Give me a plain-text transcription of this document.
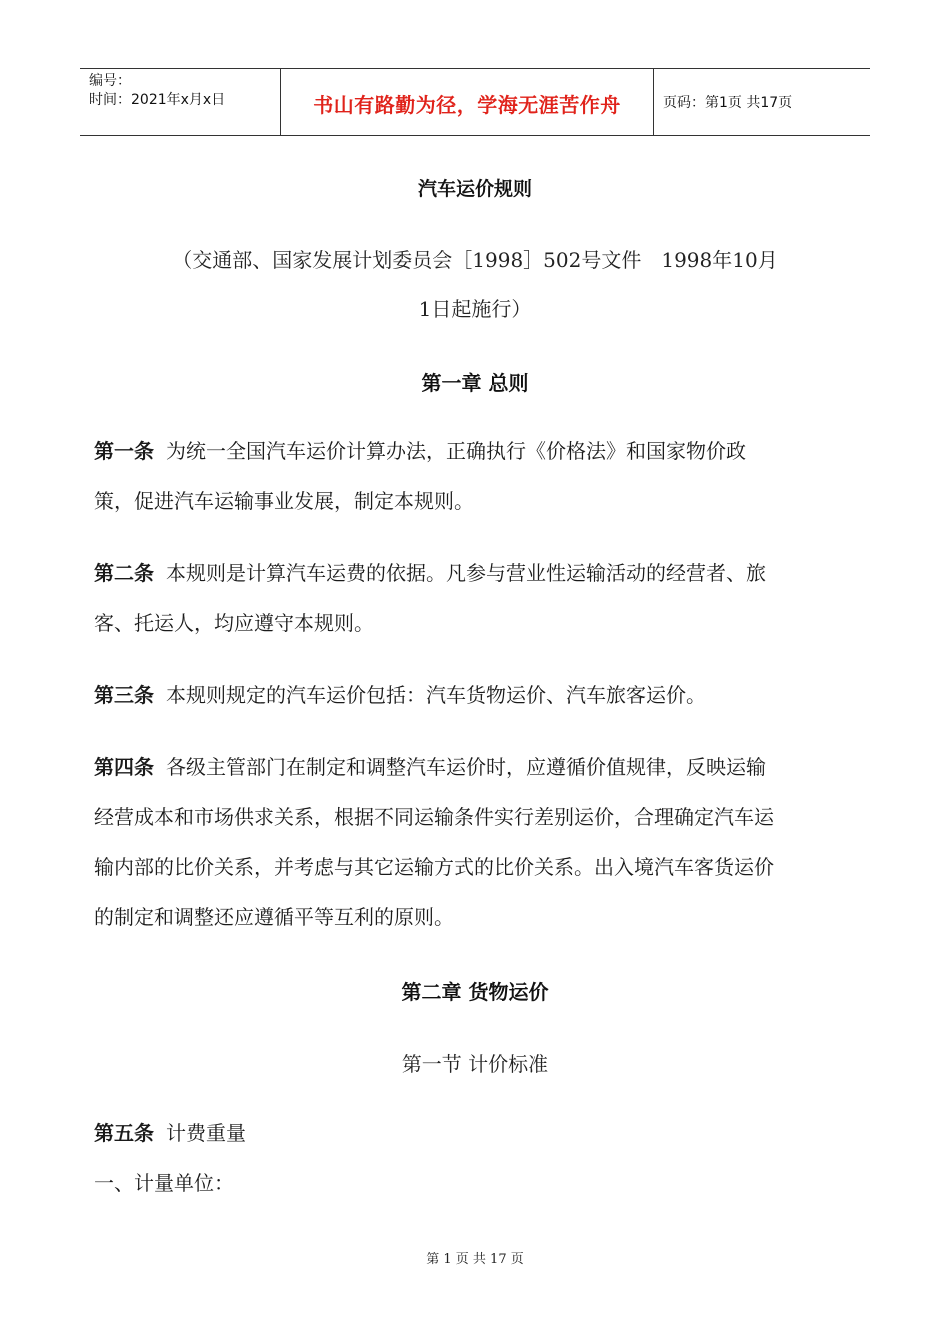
编号：
时间：2021年x月x日	书山有路勤为径，学海无涯苦作舟	页码：第1页 共17页
汽车运价规则
（交通部、国家发展计划委员会［1998］502号文件　1998年10月
1日起施行）
第一章 总则
第一条 为统一全国汽车运价计算办法，正确执行《价格法》和国家物价政
策，促进汽车运输事业发展，制定本规则。
第二条 本规则是计算汽车运费的依据。凡参与营业性运输活动的经营者、旅
客、托运人，均应遵守本规则。
第三条 本规则规定的汽车运价包括：汽车货物运价、汽车旅客运价。
第四条 各级主管部门在制定和调整汽车运价时，应遵循价值规律，反映运输
经营成本和市场供求关系，根据不同运输条件实行差别运价，合理确定汽车运
输内部的比价关系，并考虑与其它运输方式的比价关系。出入境汽车客货运价
的制定和调整还应遵循平等互利的原则。
第二章 货物运价
第一节 计价标准
第五条 计费重量
一、计量单位：
第 1 页 共 17 页
